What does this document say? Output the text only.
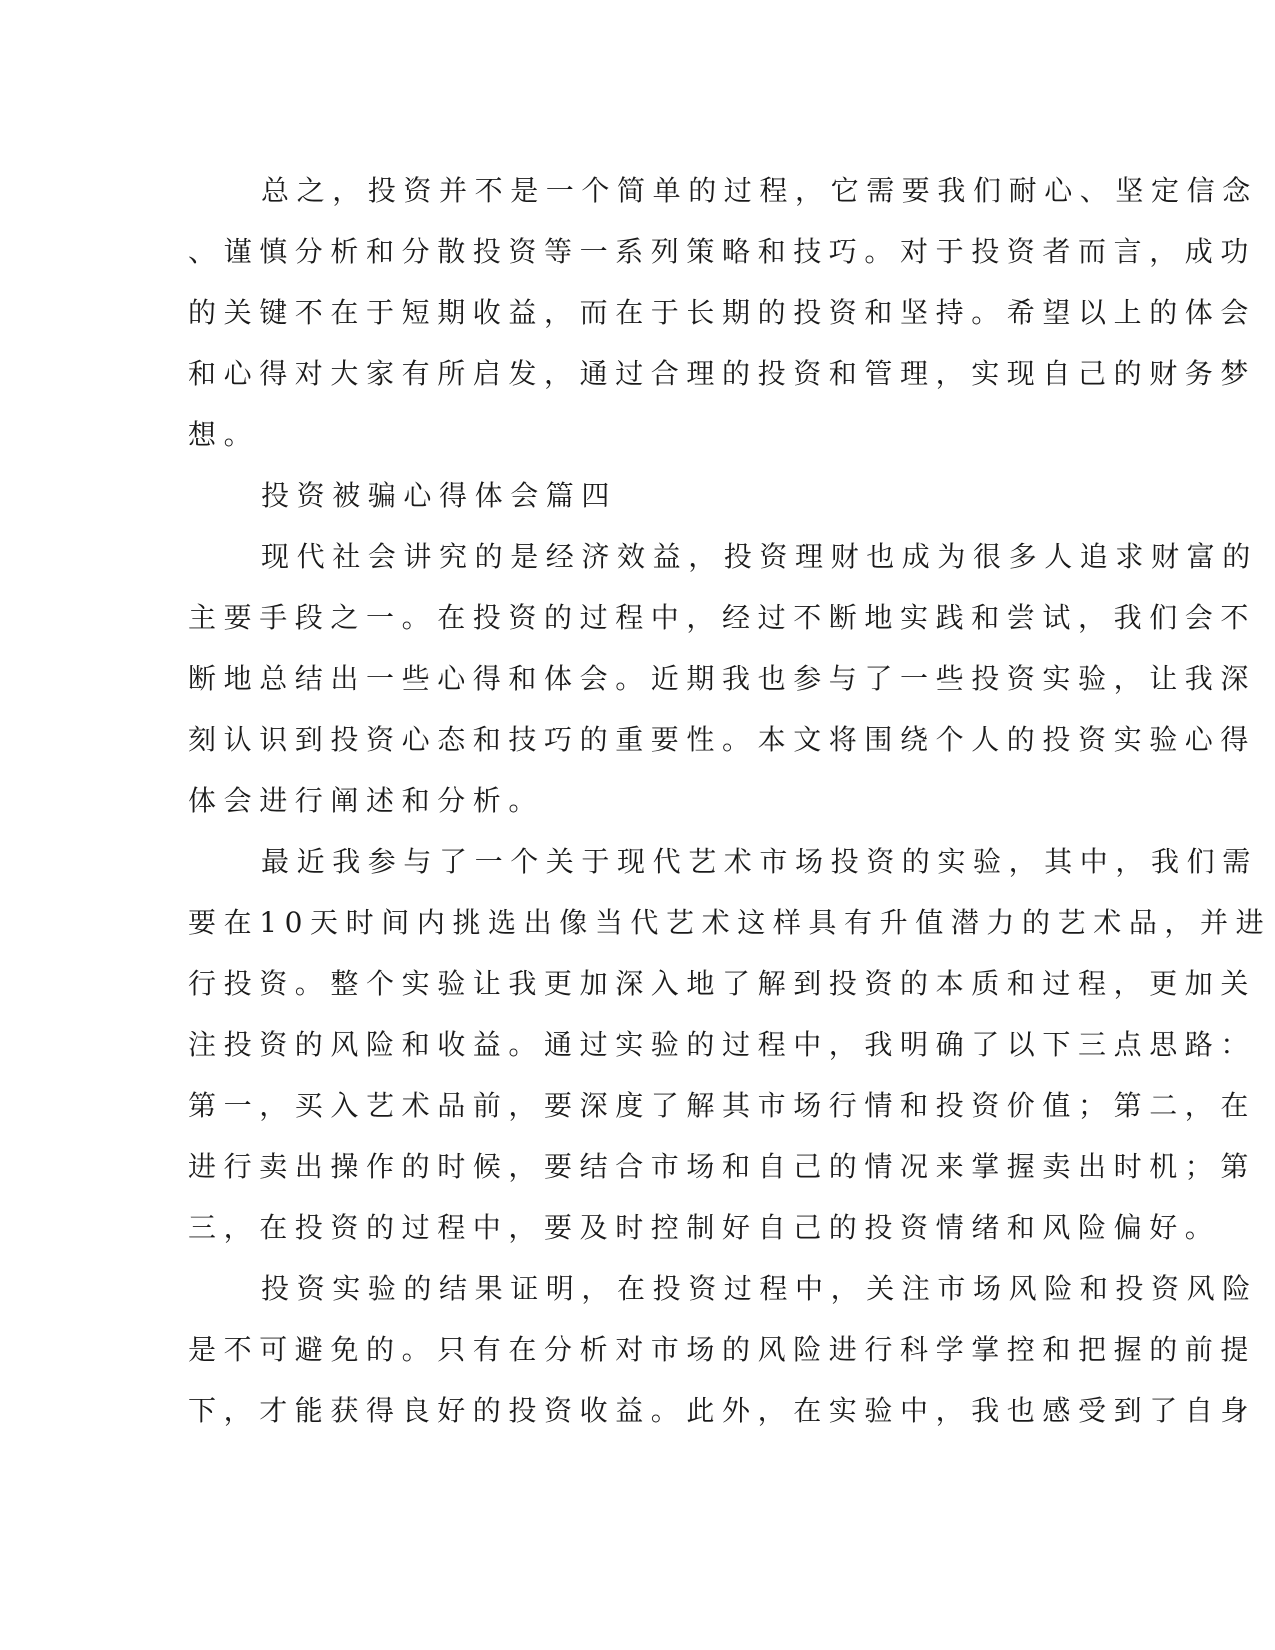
总之，投资并不是一个简单的过程，它需要我们耐心、坚定信念
、谨慎分析和分散投资等一系列策略和技巧。对于投资者而言，成功
的关键不在于短期收益，而在于长期的投资和坚持。希望以上的体会
和心得对大家有所启发，通过合理的投资和管理，实现自己的财务梦
想。
投资被骗心得体会篇四
现代社会讲究的是经济效益，投资理财也成为很多人追求财富的
主要手段之一。在投资的过程中，经过不断地实践和尝试，我们会不
断地总结出一些心得和体会。近期我也参与了一些投资实验，让我深
刻认识到投资心态和技巧的重要性。本文将围绕个人的投资实验心得
体会进行阐述和分析。
最近我参与了一个关于现代艺术市场投资的实验，其中，我们需
要在10天时间内挑选出像当代艺术这样具有升值潜力的艺术品，并进
行投资。整个实验让我更加深入地了解到投资的本质和过程，更加关
注投资的风险和收益。通过实验的过程中，我明确了以下三点思路：
第一，买入艺术品前，要深度了解其市场行情和投资价值；第二，在
进行卖出操作的时候，要结合市场和自己的情况来掌握卖出时机；第
三，在投资的过程中，要及时控制好自己的投资情绪和风险偏好。
投资实验的结果证明，在投资过程中，关注市场风险和投资风险
是不可避免的。只有在分析对市场的风险进行科学掌控和把握的前提
下，才能获得良好的投资收益。此外，在实验中，我也感受到了自身
